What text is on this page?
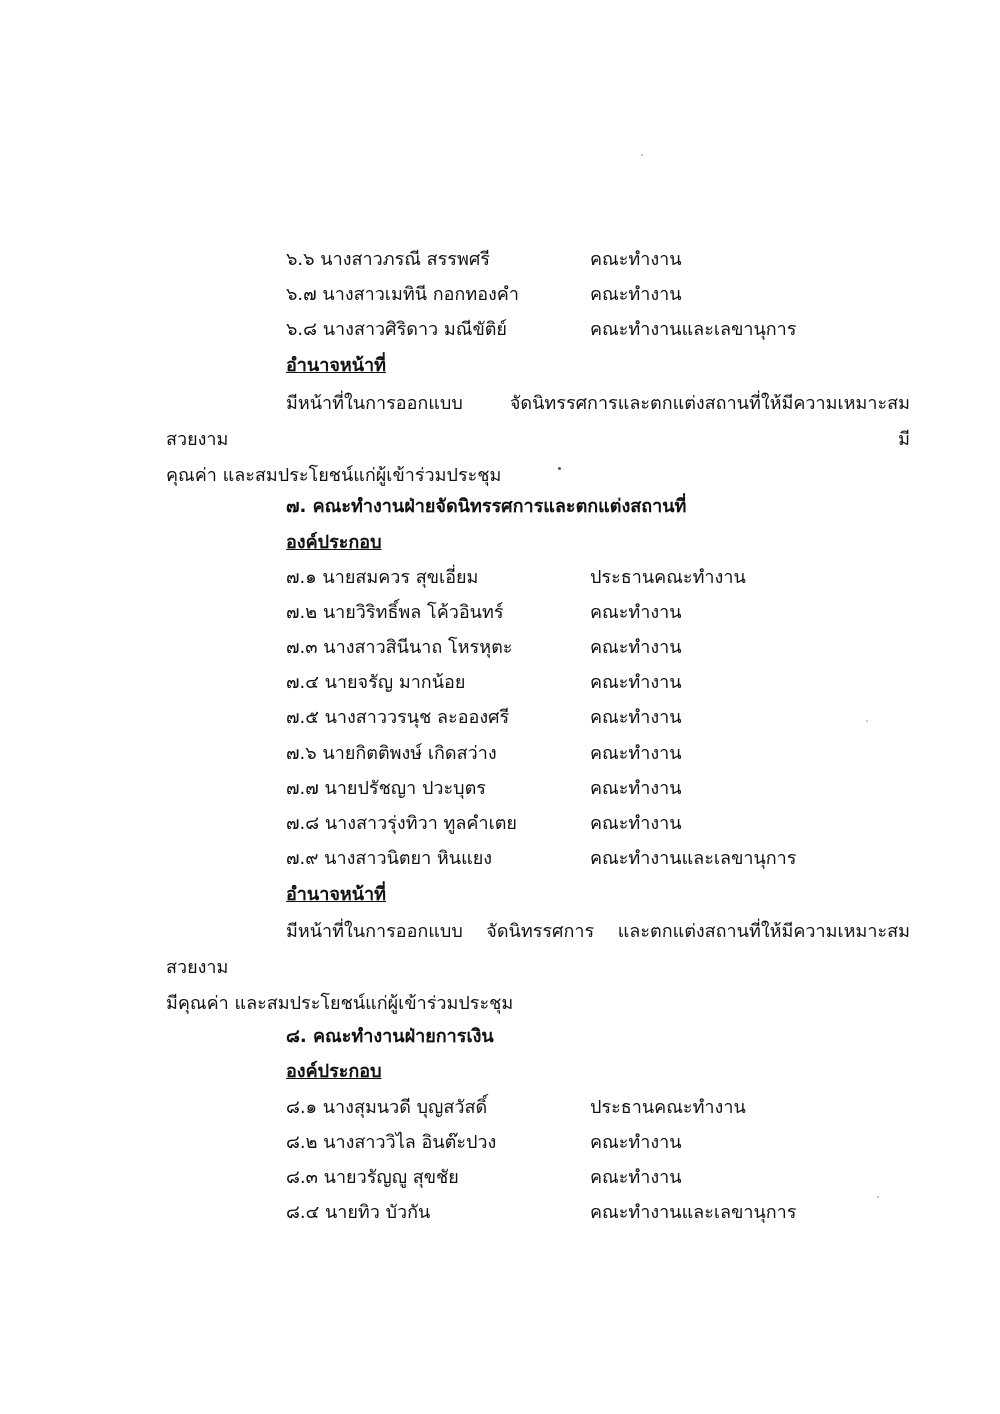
๖.๖ นางสาวภรณี สรรพศรี	คณะทำงาน
๖.๗ นางสาวเมทินี กอกทองคำ	คณะทำงาน
๖.๘ นางสาวศิริดาว มณีขัติย์	คณะทำงานและเลขานุการ
อำนาจหน้าที่
มีหน้าที่ในการออกแบบ จัดนิทรรศการและตกแต่งสถานที่ให้มีความเหมาะสม สวยงาม มี
คุณค่า และสมประโยชน์แก่ผู้เข้าร่วมประชุม
๗. คณะทำงานฝ่ายจัดนิทรรศการและตกแต่งสถานที่
องค์ประกอบ
๗.๑ นายสมควร สุขเอี่ยม	ประธานคณะทำงาน
๗.๒ นายวิริทธิ์พล โค้วอินทร์	คณะทำงาน
๗.๓ นางสาวสินีนาถ โหรหุตะ	คณะทำงาน
๗.๔ นายจรัญ มากน้อย	คณะทำงาน
๗.๕ นางสาววรนุช ละอองศรี	คณะทำงาน
๗.๖ นายกิตติพงษ์ เกิดสว่าง	คณะทำงาน
๗.๗ นายปรัชญา ปวะบุตร	คณะทำงาน
๗.๘ นางสาวรุ่งทิวา ทูลคำเตย	คณะทำงาน
๗.๙ นางสาวนิตยา หินแยง	คณะทำงานและเลขานุการ
อำนาจหน้าที่
มีหน้าที่ในการออกแบบ จัดนิทรรศการ และตกแต่งสถานที่ให้มีความเหมาะสม สวยงาม
มีคุณค่า และสมประโยชน์แก่ผู้เข้าร่วมประชุม
๘. คณะทำงานฝ่ายการเงิน
องค์ประกอบ
๘.๑ นางสุมนวดี บุญสวัสดิ์	ประธานคณะทำงาน
๘.๒ นางสาววิไล อินต๊ะปวง	คณะทำงาน
๘.๓ นายวรัญญู สุขชัย	คณะทำงาน
๘.๔ นายทิว บัวกัน	คณะทำงานและเลขานุการ
